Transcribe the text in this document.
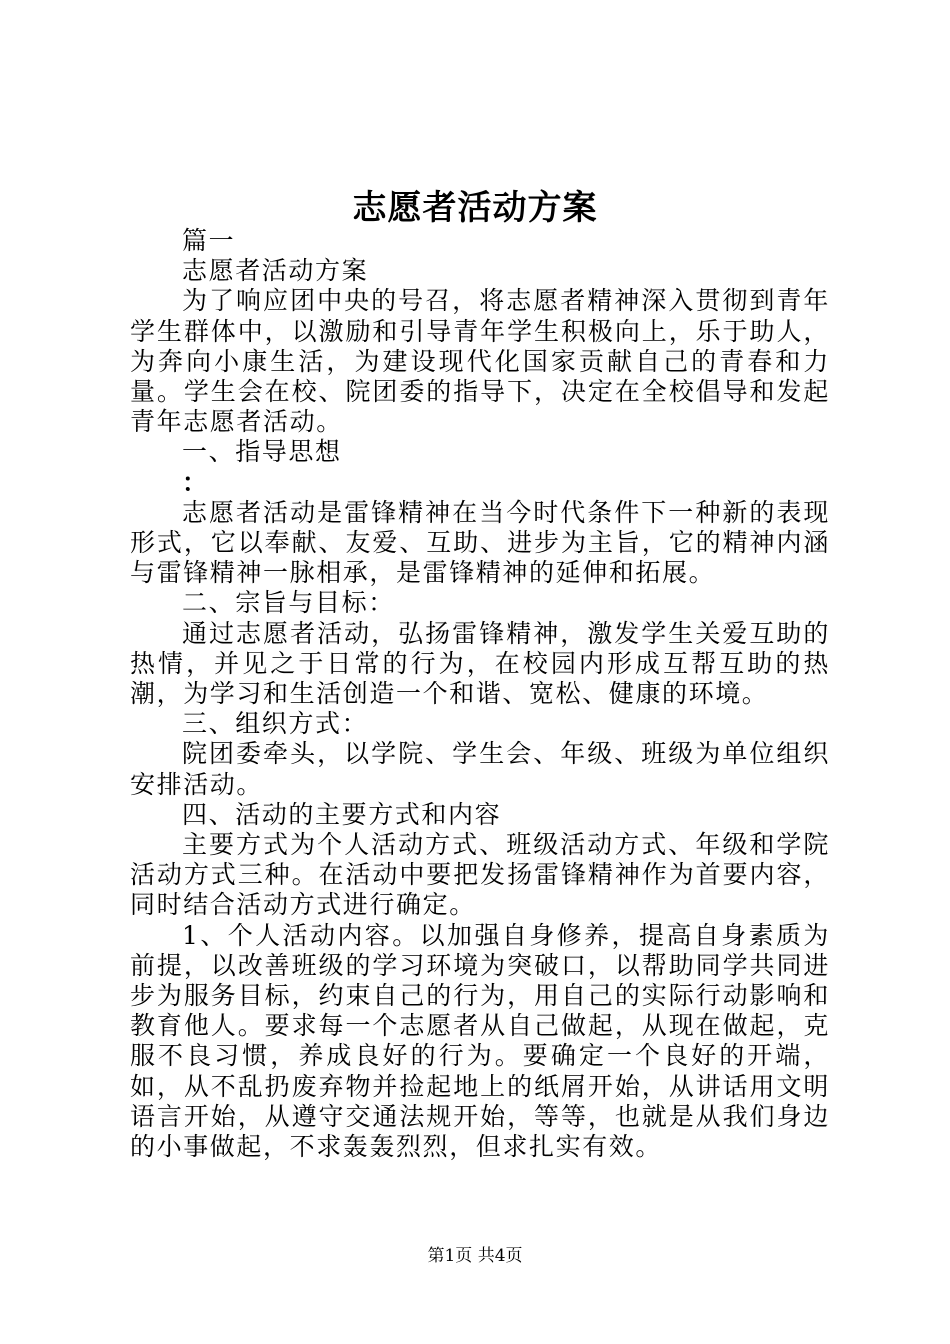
志愿者活动方案

篇一

志愿者活动方案

为了响应团中央的号召，将志愿者精神深入贯彻到青年学生群体中，以激励和引导青年学生积极向上，乐于助人，为奔向小康生活，为建设现代化国家贡献自己的青春和力量。学生会在校、院团委的指导下，决定在全校倡导和发起青年志愿者活动。

一、指导思想

：

志愿者活动是雷锋精神在当今时代条件下一种新的表现形式，它以奉献、友爱、互助、进步为主旨，它的精神内涵与雷锋精神一脉相承，是雷锋精神的延伸和拓展。

二、宗旨与目标：

通过志愿者活动，弘扬雷锋精神，激发学生关爱互助的热情，并见之于日常的行为，在校园内形成互帮互助的热潮，为学习和生活创造一个和谐、宽松、健康的环境。

三、组织方式：

院团委牵头，以学院、学生会、年级、班级为单位组织安排活动。

四、活动的主要方式和内容

主要方式为个人活动方式、班级活动方式、年级和学院活动方式三种。在活动中要把发扬雷锋精神作为首要内容，同时结合活动方式进行确定。

1、个人活动内容。以加强自身修养，提高自身素质为前提，以改善班级的学习环境为突破口，以帮助同学共同进步为服务目标，约束自己的行为，用自己的实际行动影响和教育他人。要求每一个志愿者从自己做起，从现在做起，克服不良习惯，养成良好的行为。要确定一个良好的开端，如，从不乱扔废弃物并捡起地上的纸屑开始，从讲话用文明语言开始，从遵守交通法规开始，等等，也就是从我们身边的小事做起，不求轰轰烈烈，但求扎实有效。

第1页 共4页
